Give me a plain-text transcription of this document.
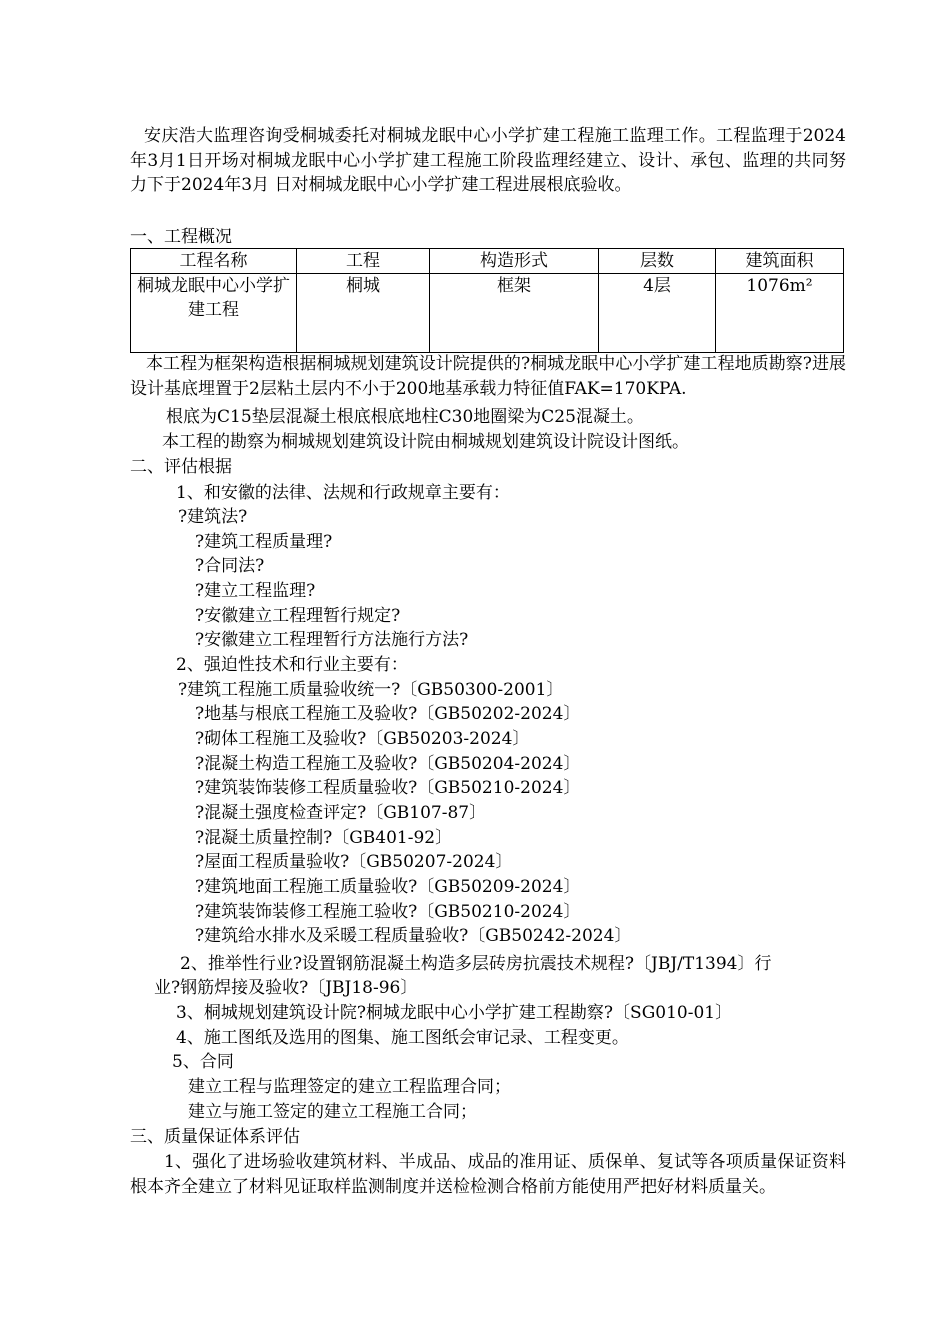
安庆浩大监理咨询受桐城委托对桐城龙眠中心小学扩建工程施工监理工作。工程监理于2024年3月1日开场对桐城龙眠中心小学扩建工程施工阶段监理经建立、设计、承包、监理的共同努力下于2024年3月 日对桐城龙眠中心小学扩建工程进展根底验收。
一、工程概况
工程名称	工程	构造形式	层数	建筑面积
桐城龙眠中心小学扩建工程	桐城	框架	4层	1076m²
本工程为框架构造根据桐城规划建筑设计院提供的?桐城龙眠中心小学扩建工程地质勘察?进展设计基底埋置于2层粘土层内不小于200地基承载力特征值FAK=170KPA.
根底为C15垫层混凝土根底根底地柱C30地圈梁为C25混凝土。
本工程的勘察为桐城规划建筑设计院由桐城规划建筑设计院设计图纸。
二、评估根据
1、和安徽的法律、法规和行政规章主要有：
?建筑法?
?建筑工程质量理?
?合同法?
?建立工程监理?
?安徽建立工程理暂行规定?
?安徽建立工程理暂行方法施行方法?
2、强迫性技术和行业主要有：
?建筑工程施工质量验收统一?〔GB50300-2001〕
?地基与根底工程施工及验收?〔GB50202-2024〕
?砌体工程施工及验收?〔GB50203-2024〕
?混凝土构造工程施工及验收?〔GB50204-2024〕
?建筑装饰装修工程质量验收?〔GB50210-2024〕
?混凝土强度检查评定?〔GB107-87〕
?混凝土质量控制?〔GB401-92〕
?屋面工程质量验收?〔GB50207-2024〕
?建筑地面工程施工质量验收?〔GB50209-2024〕
?建筑装饰装修工程施工验收?〔GB50210-2024〕
?建筑给水排水及采暖工程质量验收?〔GB50242-2024〕
2、推举性行业?设置钢筋混凝土构造多层砖房抗震技术规程?〔JBJ/T1394〕行
业?钢筋焊接及验收?〔JBJ18-96〕
3、桐城规划建筑设计院?桐城龙眠中心小学扩建工程勘察?〔SG010-01〕
4、施工图纸及选用的图集、施工图纸会审记录、工程变更。
5、合同
建立工程与监理签定的建立工程监理合同；
建立与施工签定的建立工程施工合同；
三、质量保证体系评估
1、强化了进场验收建筑材料、半成品、成品的准用证、质保单、复试等各项质量保证资料根本齐全建立了材料见证取样监测制度并送检检测合格前方能使用严把好材料质量关。
